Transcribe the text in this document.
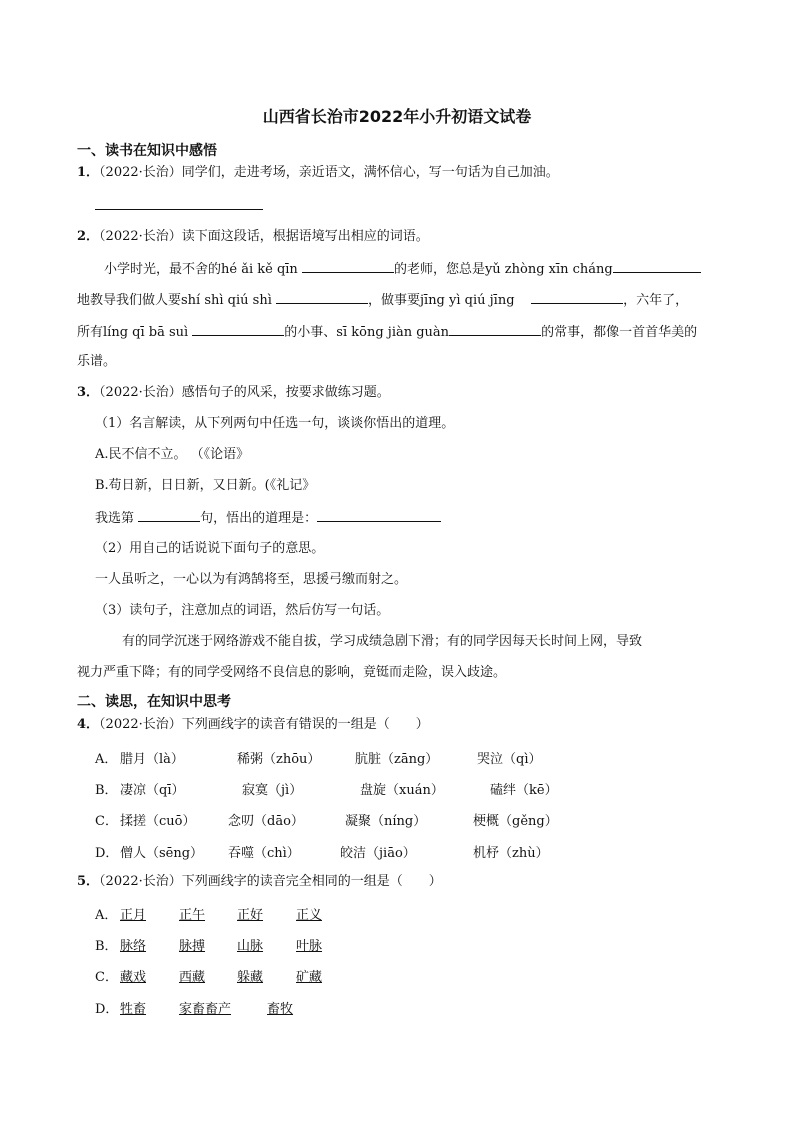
山西省长治市2022年小升初语文试卷
一、读书在知识中感悟
1．（2022·长治）同学们，走进考场，亲近语文，满怀信心，写一句话为自己加油。
2．（2022·长治）读下面这段话，根据语境写出相应的词语。
小学时光，最不舍的hé ǎi kě qīn	的老师，您总是yǔ zhòng xīn cháng
地教导我们做人要shí shì qiú shì	，做事要jīng yì qiú jīng	，六年了，
所有líng qī bā suì	的小事、sī kōng jiàn guàn	的常事，都像一首首华美的
乐谱。
3．（2022·长治）感悟句子的风采，按要求做练习题。
（1）名言解读，从下列两句中任选一句，谈谈你悟出的道理。
A.民不信不立。 （《论语》
B.苟日新，日日新，又日新。(《礼记》
我选第	句，悟出的道理是：
（2）用自己的话说说下面句子的意思。
一人虽听之，一心以为有鸿鹄将至，思援弓缴而射之。
（3）读句子，注意加点的词语，然后仿写一句话。
有的同学沉迷于网络游戏不能自拔，学习成绩急剧下滑；有的同学因每天长时间上网，导致
视力严重下降；有的同学受网络不良信息的影响，竟铤而走险，误入歧途。
二、读思，在知识中思考
4．（2022·长治）下列画线字的读音有错误的一组是（　　）
A． 腊月（là）	稀粥（zhōu）	肮脏（zāng）	哭泣（qì）
B． 凄凉（qī）	寂寞（jì）	盘旋（xuán）	磕绊（kē）
C． 揉搓（cuō）	念叨（dāo）	凝聚（níng）	梗概（gěng）
D． 僧人（sēng） 吞噬（chì）	皎洁（jiāo）	机杼（zhù）
5．（2022·长治）下列画线字的读音完全相同的一组是（　　）
A． 正月	正午 正好	正义
B． 脉络	脉搏 山脉	叶脉
C． 藏戏	西藏 躲藏	矿藏
D． 牲畜	家畜畜产	畜牧
